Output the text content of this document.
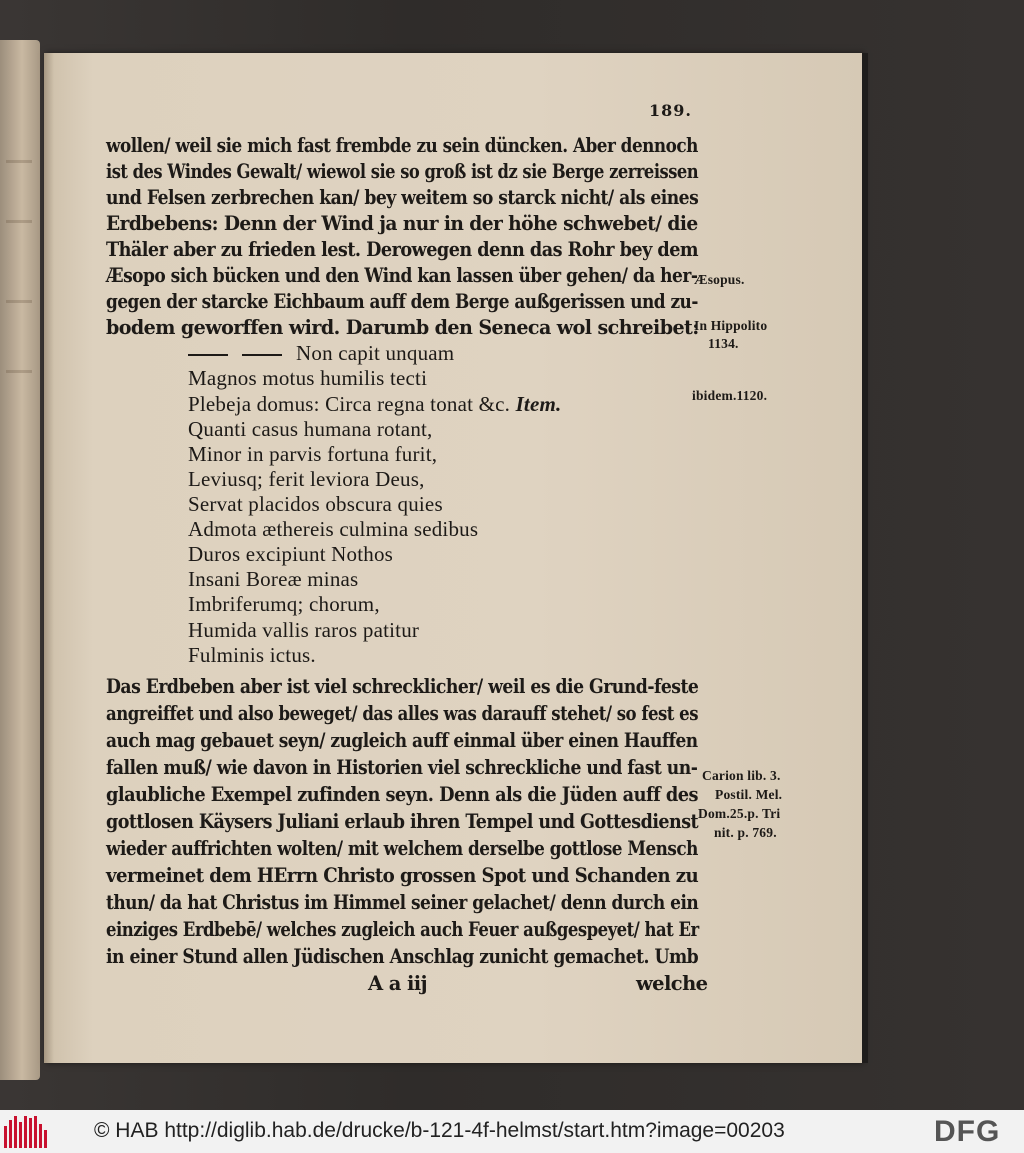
189.
wollen/ weil sie mich fast frembde zu sein düncken. Aber dennoch
ist des Windes Gewalt/ wiewol sie so groß ist dz sie Berge zerreissen
und Felsen zerbrechen kan/ bey weitem so starck nicht/ als eines
Erdbebens: Denn der Wind ja nur in der höhe schwebet/ die
Thäler aber zu frieden lest. Derowegen denn das Rohr bey dem
Æsopo sich bücken und den Wind kan lassen über gehen/ da her-
gegen der starcke Eichbaum auff dem Berge außgerissen und zu-
bodem geworffen wird. Darumb den Seneca wol schreibet:
Non capit unquam
Magnos motus humilis tecti
Plebeja domus: Circa regna tonat &c. Item.
Quanti casus humana rotant,
Minor in parvis fortuna furit,
Leviusq; ferit leviora Deus,
Servat placidos obscura quies
Admota æthereis culmina sedibus
Duros excipiunt Nothos
Insani Boreæ minas
Imbriferumq; chorum,
Humida vallis raros patitur
Fulminis ictus.
Das Erdbeben aber ist viel schrecklicher/ weil es die Grund-feste
angreiffet und also beweget/ das alles was darauff stehet/ so fest es
auch mag gebauet seyn/ zugleich auff einmal über einen Hauffen
fallen muß/ wie davon in Historien viel schreckliche und fast un-
glaubliche Exempel zufinden seyn. Denn als die Jüden auff des
gottlosen Käysers Juliani erlaub ihren Tempel und Gottesdienst
wieder auffrichten wolten/ mit welchem derselbe gottlose Mensch
vermeinet dem HErrn Christo grossen Spot und Schanden zu
thun/ da hat Christus im Himmel seiner gelachet/ denn durch ein
einziges Erdbebē/ welches zugleich auch Feuer außgespeyet/ hat Er
in einer Stund allen Jüdischen Anschlag zunicht gemachet. Umb
A a iij	welche
Æsopus.
In Hippolito
1134.
ibidem.1120.
Carion lib. 3.
Postil. Mel.
Dom.25.p. Tri
nit. p. 769.
© HAB http://diglib.hab.de/drucke/b-121-4f-helmst/start.htm?image=00203	DFG
